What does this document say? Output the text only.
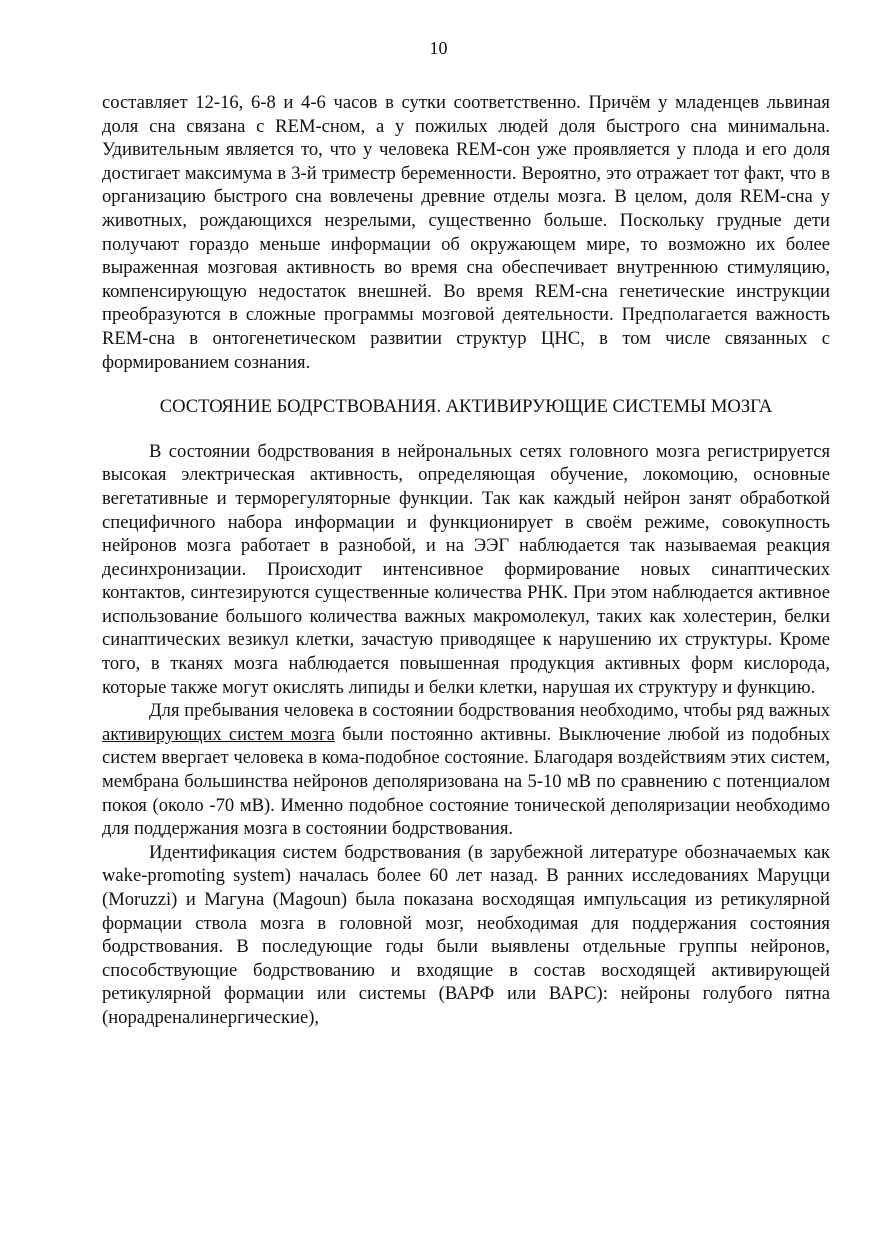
10

составляет 12-16, 6-8 и 4-6 часов в сутки соответственно. Причём у младенцев львиная доля сна связана с REM-сном, а у пожилых людей доля быстрого сна минимальна. Удивительным является то, что у человека REM-сон уже проявляется у плода и его доля достигает максимума в 3-й триместр беременности. Вероятно, это отражает тот факт, что в организацию быстрого сна вовлечены древние отделы мозга. В целом, доля REM-сна у животных, рождающихся незрелыми, существенно больше. Поскольку грудные дети получают гораздо меньше информации об окружающем мире, то возможно их более выраженная мозговая активность во время сна обеспечивает внутреннюю стимуляцию, компенсирующую недостаток внешней. Во время REM-сна генетические инструкции преобразуются в сложные программы мозговой деятельности. Предполагается важность REM-сна в онтогенетическом развитии структур ЦНС, в том числе связанных с формированием сознания.

СОСТОЯНИЕ БОДРСТВОВАНИЯ. АКТИВИРУЮЩИЕ СИСТЕМЫ МОЗГА

В состоянии бодрствования в нейрональных сетях головного мозга регистрируется высокая электрическая активность, определяющая обучение, локомоцию, основные вегетативные и терморегуляторные функции. Так как каждый нейрон занят обработкой специфичного набора информации и функционирует в своём режиме, совокупность нейронов мозга работает в разнобой, и на ЭЭГ наблюдается так называемая реакция десинхронизации. Происходит интенсивное формирование новых синаптических контактов, синтезируются существенные количества РНК. При этом наблюдается активное использование большого количества важных макромолекул, таких как холестерин, белки синаптических везикул клетки, зачастую приводящее к нарушению их структуры. Кроме того, в тканях мозга наблюдается повышенная продукция активных форм кислорода, которые также могут окислять липиды и белки клетки, нарушая их структуру и функцию.

Для пребывания человека в состоянии бодрствования необходимо, чтобы ряд важных активирующих систем мозга были постоянно активны. Выключение любой из подобных систем ввергает человека в кома-подобное состояние. Благодаря воздействиям этих систем, мембрана большинства нейронов деполяризована на 5-10 мВ по сравнению с потенциалом покоя (около -70 мВ). Именно подобное состояние тонической деполяризации необходимо для поддержания мозга в состоянии бодрствования.

Идентификация систем бодрствования (в зарубежной литературе обозначаемых как wake-promoting system) началась более 60 лет назад. В ранних исследованиях Маруцци (Moruzzi) и Магуна (Magoun) была показана восходящая импульсация из ретикулярной формации ствола мозга в головной мозг, необходимая для поддержания состояния бодрствования. В последующие годы были выявлены отдельные группы нейронов, способствующие бодрствованию и входящие в состав восходящей активирующей ретикулярной формации или системы (ВАРФ или ВАРС): нейроны голубого пятна (норадреналинергические),
